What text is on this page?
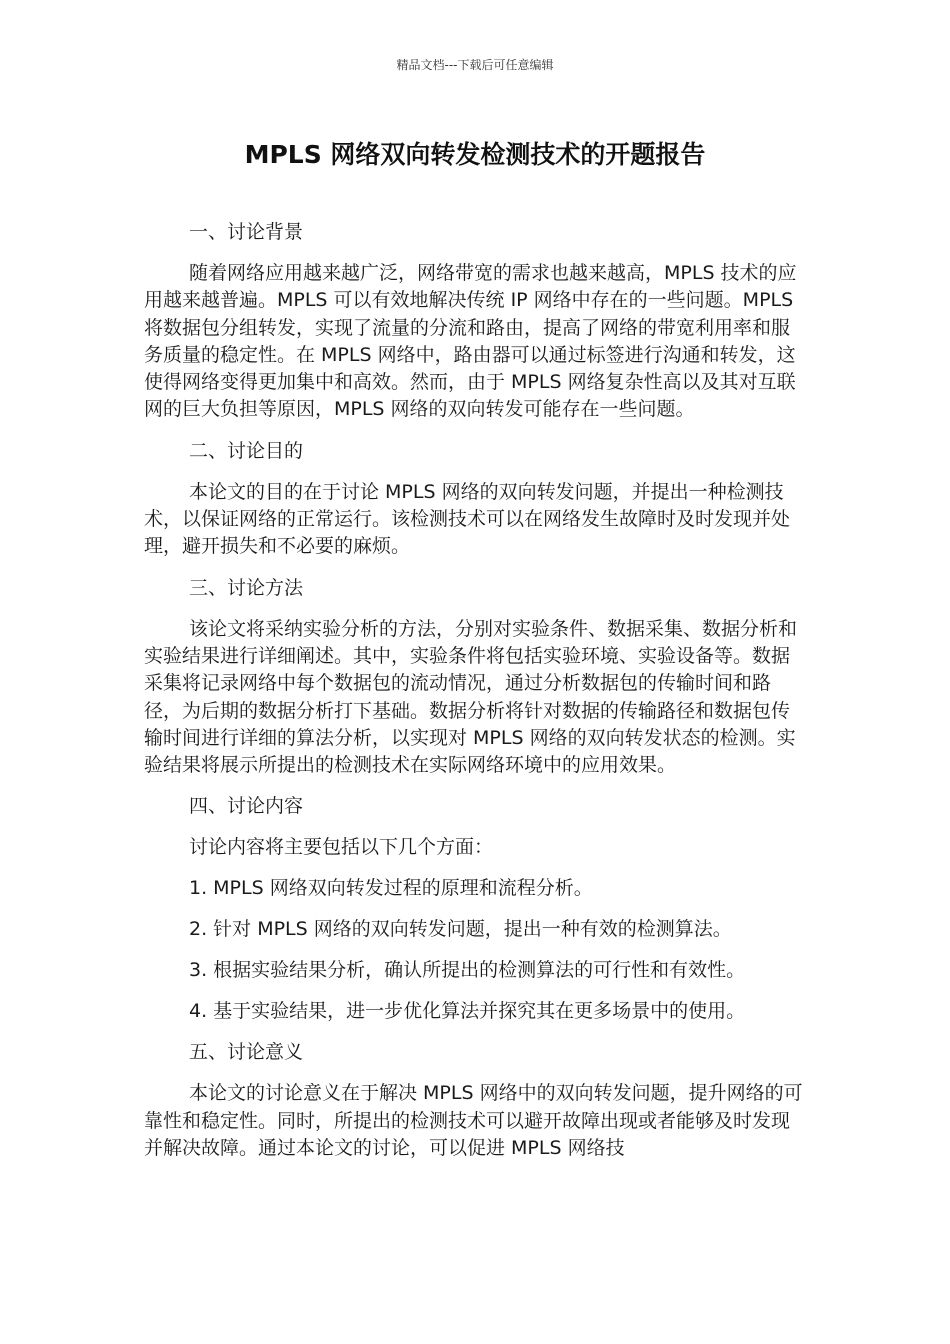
精品文档---下载后可任意编辑
MPLS 网络双向转发检测技术的开题报告

一、讨论背景

随着网络应用越来越广泛，网络带宽的需求也越来越高，MPLS 技术的应用越来越普遍。MPLS 可以有效地解决传统 IP 网络中存在的一些问题。MPLS 将数据包分组转发，实现了流量的分流和路由，提高了网络的带宽利用率和服务质量的稳定性。在 MPLS 网络中，路由器可以通过标签进行沟通和转发，这使得网络变得更加集中和高效。然而，由于 MPLS 网络复杂性高以及其对互联网的巨大负担等原因，MPLS 网络的双向转发可能存在一些问题。

二、讨论目的

本论文的目的在于讨论 MPLS 网络的双向转发问题，并提出一种检测技术，以保证网络的正常运行。该检测技术可以在网络发生故障时及时发现并处理，避开损失和不必要的麻烦。

三、讨论方法

该论文将采纳实验分析的方法，分别对实验条件、数据采集、数据分析和实验结果进行详细阐述。其中，实验条件将包括实验环境、实验设备等。数据采集将记录网络中每个数据包的流动情况，通过分析数据包的传输时间和路径，为后期的数据分析打下基础。数据分析将针对数据的传输路径和数据包传输时间进行详细的算法分析，以实现对 MPLS 网络的双向转发状态的检测。实验结果将展示所提出的检测技术在实际网络环境中的应用效果。

四、讨论内容

讨论内容将主要包括以下几个方面：

1. MPLS 网络双向转发过程的原理和流程分析。

2. 针对 MPLS 网络的双向转发问题，提出一种有效的检测算法。

3. 根据实验结果分析，确认所提出的检测算法的可行性和有效性。

4. 基于实验结果，进一步优化算法并探究其在更多场景中的使用。

五、讨论意义

本论文的讨论意义在于解决 MPLS 网络中的双向转发问题，提升网络的可靠性和稳定性。同时，所提出的检测技术可以避开故障出现或者能够及时发现并解决故障。通过本论文的讨论，可以促进 MPLS 网络技
